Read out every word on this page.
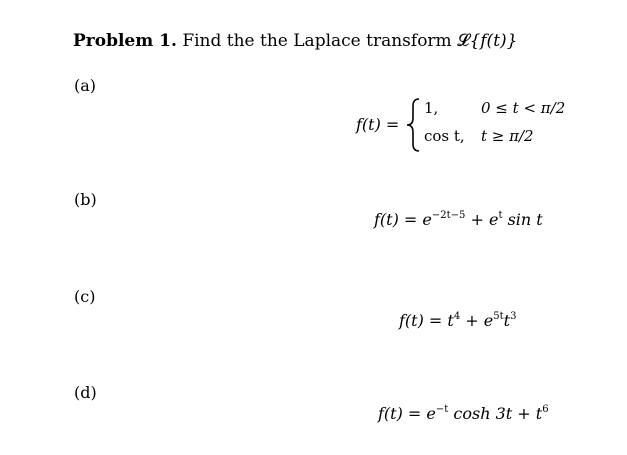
Problem 1. Find the the Laplace transform 𝓛{f(t)}
(a)
f(t) =
1,	0 ≤ t < π/2
cos t, t ≥ π/2
(b)
$f(t) = e^{-2t-5} + e^t$ sin t
(c)
$f(t) = t^4 + e^{5t}t^3$
(d)
$f(t) = e^{-t}$ $\cosh 3t + t^6$
